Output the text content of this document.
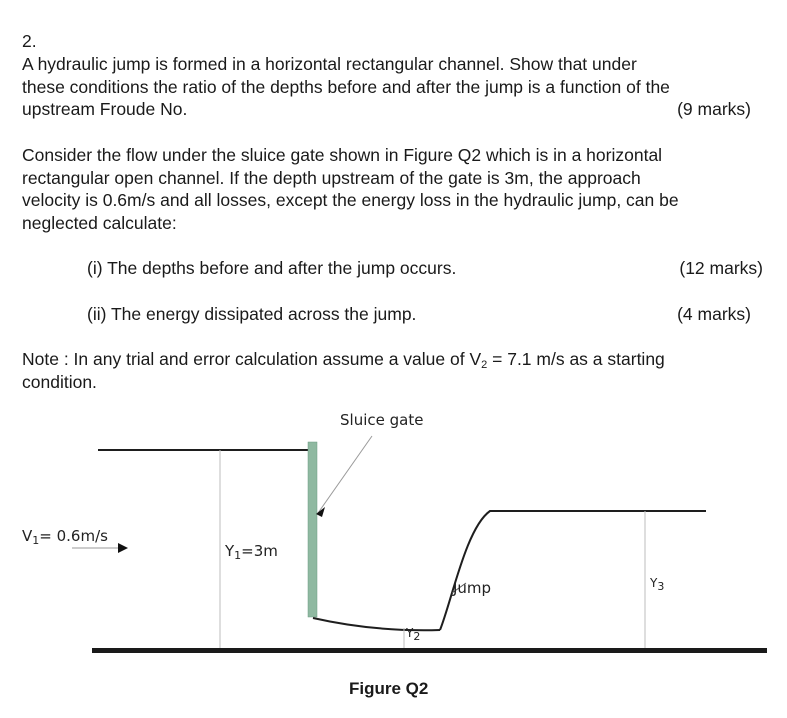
2.
A hydraulic jump is formed in a horizontal rectangular channel. Show that under
these conditions the ratio of the depths before and after the jump is a function of the
upstream Froude No.	(9 marks)
Consider the flow under the sluice gate shown in Figure Q2 which is in a horizontal
rectangular open channel. If the depth upstream of the gate is 3m, the approach
velocity is 0.6m/s and all losses, except the energy loss in the hydraulic jump, can be
neglected calculate:
(i) The depths before and after the jump occurs.	(12 marks)
(ii) The energy dissipated across the jump.	(4 marks)
Note : In any trial and error calculation assume a value of $V_2 = 7.1$ m/s as a starting
condition.
Sluice gate
$V_1= 0.6m/s$
$Y_1=3m$
$Y_2$
Jump	$Y_3$
Figure Q2
